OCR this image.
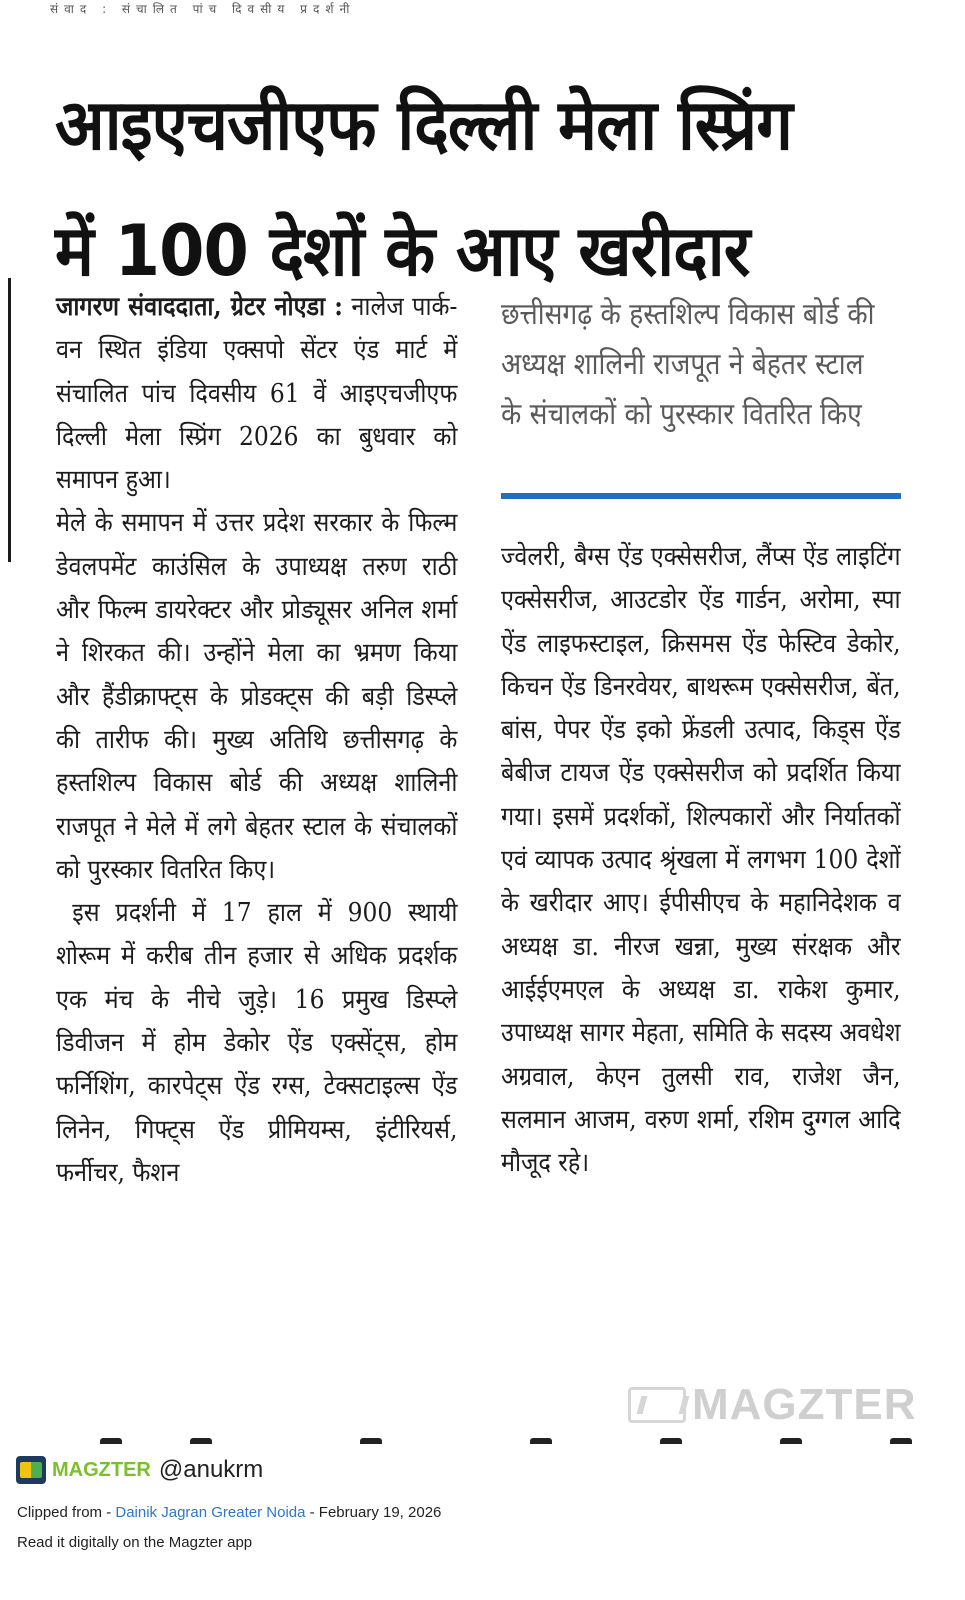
संवाद : संचालित पांच दिवसीय प्रदर्शनी
आइएचजीएफ दिल्ली मेला स्प्रिंग
में 100 देशों के आए खरीदार

जागरण संवाददाता, ग्रेटर नोएडा : नालेज पार्क-वन स्थित इंडिया एक्सपो सेंटर एंड मार्ट में संचालित पांच दिवसीय 61 वें आइएचजीएफ दिल्ली मेला स्प्रिंग 2026 का बुधवार को समापन हुआ।

मेले के समापन में उत्तर प्रदेश सरकार के फिल्म डेवलपमेंट काउंसिल के उपाध्यक्ष तरुण राठी और फिल्म डायरेक्टर और प्रोड्यूसर अनिल शर्मा ने शिरकत की। उन्होंने मेला का भ्रमण किया और हैंडीक्राफ्ट्स के प्रोडक्ट्स की बड़ी डिस्प्ले की तारीफ की। मुख्य अतिथि छत्तीसगढ़ के हस्तशिल्प विकास बोर्ड की अध्यक्ष शालिनी राजपूत ने मेले में लगे बेहतर स्टाल के संचालकों को पुरस्कार वितरित किए।

इस प्रदर्शनी में 17 हाल में 900 स्थायी शोरूम में करीब तीन हजार से अधिक प्रदर्शक एक मंच के नीचे जुड़े। 16 प्रमुख डिस्प्ले डिवीजन में होम डेकोर ऐंड एक्सेंट्स, होम फर्निशिंग, कारपेट्स ऐंड रग्स, टेक्सटाइल्स ऐंड लिनेन, गिफ्ट्स ऐंड प्रीमियम्स, इंटीरियर्स, फर्नीचर, फैशन

छत्तीसगढ़ के हस्तशिल्प विकास बोर्ड की अध्यक्ष शालिनी राजपूत ने बेहतर स्टाल के संचालकों को पुरस्कार वितरित किए

ज्वेलरी, बैग्स ऐंड एक्सेसरीज, लैंप्स ऐंड लाइटिंग एक्सेसरीज, आउटडोर ऐंड गार्डन, अरोमा, स्पा ऐंड लाइफस्टाइल, क्रिसमस ऐंड फेस्टिव डेकोर, किचन ऐंड डिनरवेयर, बाथरूम एक्सेसरीज, बेंत, बांस, पेपर ऐंड इको फ्रेंडली उत्पाद, किड्स ऐंड बेबीज टायज ऐंड एक्सेसरीज को प्रदर्शित किया गया। इसमें प्रदर्शकों, शिल्पकारों और निर्यातकों एवं व्यापक उत्पाद श्रृंखला में लगभग 100 देशों के खरीदार आए। ईपीसीएच के महानिदेशक व अध्यक्ष डा. नीरज खन्ना, मुख्य संरक्षक और आईईएमएल के अध्यक्ष डा. राकेश कुमार, उपाध्यक्ष सागर मेहता, समिति के सदस्य अवधेश अग्रवाल, केएन तुलसी राव, राजेश जैन, सलमान आजम, वरुण शर्मा, रशिम दुग्गल आदि मौजूद रहे।

MAGZTER
MAGZTER @anukrm
Clipped from - Dainik Jagran Greater Noida - February 19, 2026
Read it digitally on the Magzter app
